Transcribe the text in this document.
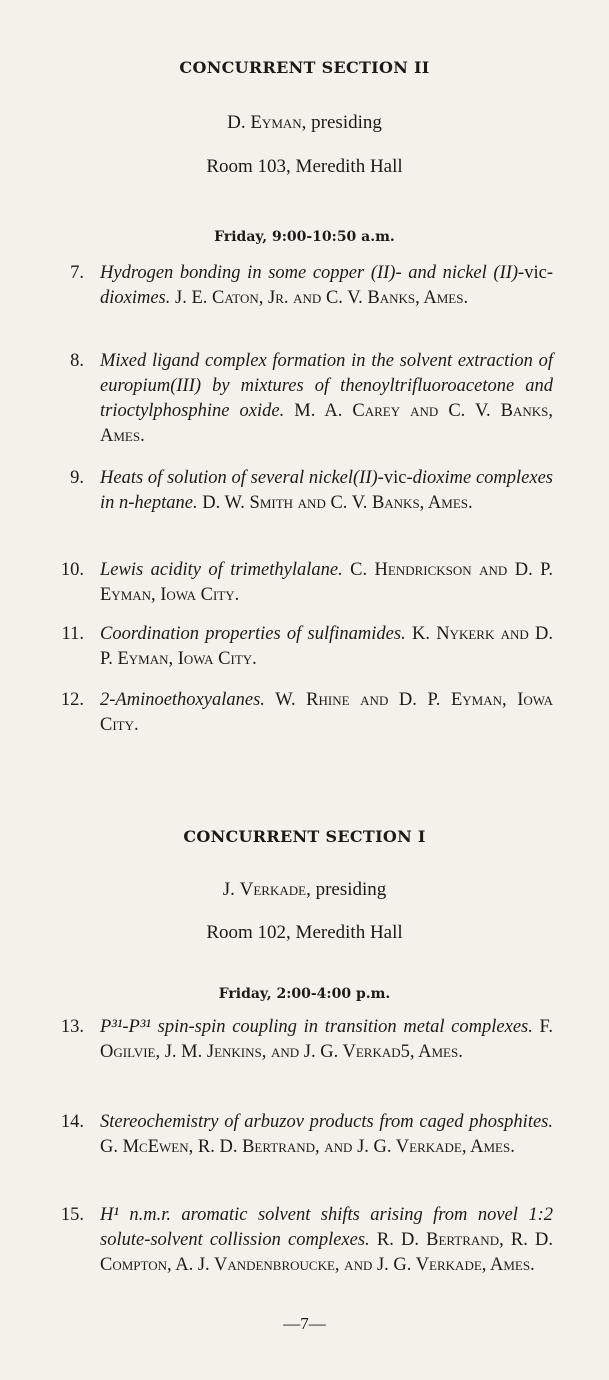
CONCURRENT SECTION II
D. Eyman, presiding
Room 103, Meredith Hall
Friday, 9:00-10:50 a.m.
7. Hydrogen bonding in some copper (II)- and nickel (II)-vic-dioximes. J. E. Caton, Jr. and C. V. Banks, Ames.
8. Mixed ligand complex formation in the solvent extraction of europium(III) by mixtures of thenoyltrifluoroacetone and trioctylphosphine oxide. M. A. Carey and C. V. Banks, Ames.
9. Heats of solution of several nickel(II)-vic-dioxime complexes in n-heptane. D. W. Smith and C. V. Banks, Ames.
10. Lewis acidity of trimethylalane. C. Hendrickson and D. P. Eyman, Iowa City.
11. Coordination properties of sulfinamides. K. Nykerk and D. P. Eyman, Iowa City.
12. 2-Aminoethoxyalanes. W. Rhine and D. P. Eyman, Iowa City.
CONCURRENT SECTION I
J. Verkade, presiding
Room 102, Meredith Hall
Friday, 2:00-4:00 p.m.
13. P³¹-P³¹ spin-spin coupling in transition metal complexes. F. Ogilvie, J. M. Jenkins, and J. G. Verkad5, Ames.
14. Stereochemistry of arbuzov products from caged phosphites. G. McEwen, R. D. Bertrand, and J. G. Verkade, Ames.
15. H¹ n.m.r. aromatic solvent shifts arising from novel 1:2 solute-solvent collission complexes. R. D. Bertrand, R. D. Compton, A. J. Vandenbroucke, and J. G. Verkade, Ames.
—7—
